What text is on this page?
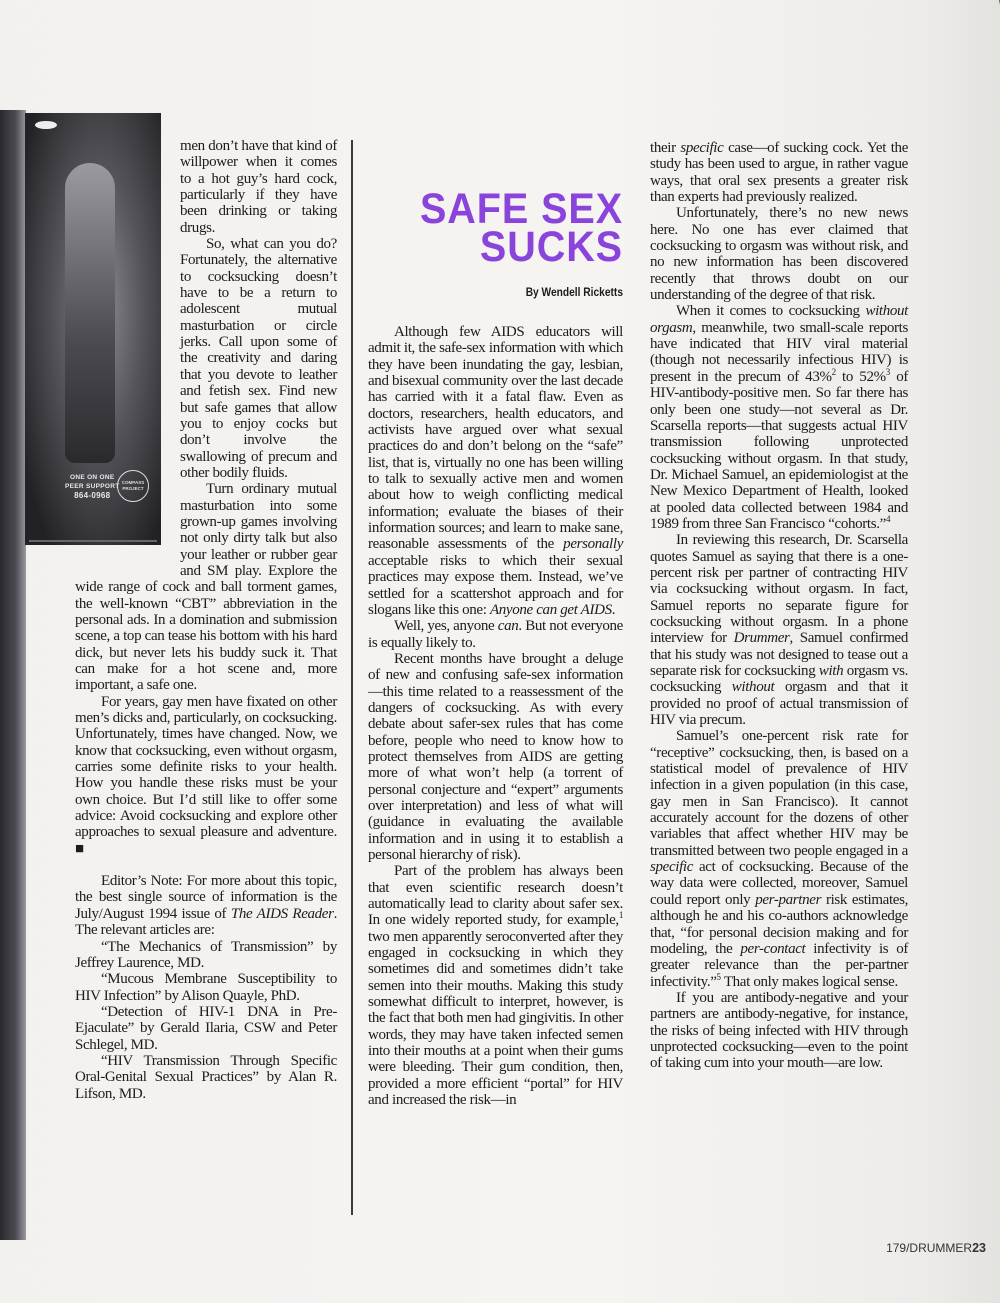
ONE ON ONE
PEER SUPPORT
864-0968
COMPASS PROJECT

men don’t have that kind of willpower when it comes to a hot guy’s hard cock, particularly if they have been drinking or taking drugs.

So, what can you do? Fortunately, the alternative to cocksucking doesn’t have to be a return to adolescent mutual masturbation or circle jerks. Call upon some of the creativity and daring that you devote to leather and fetish sex. Find new but safe games that allow you to enjoy cocks but don’t involve the swallowing of precum and other bodily fluids.

Turn ordinary mutual masturbation into some grown-up games involving not only dirty talk but also your leather or rubber gear and SM play. Explore the wide range of cock and ball torment games, the well-known “CBT” abbreviation in the personal ads. In a domination and submission scene, a top can tease his bottom with his hard dick, but never lets his buddy suck it. That can make for a hot scene and, more important, a safe one.

For years, gay men have fixated on other men’s dicks and, particularly, on cocksucking. Unfortunately, times have changed. Now, we know that cocksucking, even without orgasm, carries some definite risks to your health. How you handle these risks must be your own choice. But I’d still like to offer some advice: Avoid cocksucking and explore other approaches to sexual pleasure and adventure. ■

Editor’s Note: For more about this topic, the best single source of information is the July/August 1994 issue of The AIDS Reader. The relevant articles are:

“The Mechanics of Transmission” by Jeffrey Laurence, MD.

“Mucous Membrane Susceptibility to HIV Infection” by Alison Quayle, PhD.

“Detection of HIV-1 DNA in Pre-Ejaculate” by Gerald Ilaria, CSW and Peter Schlegel, MD.

“HIV Transmission Through Specific Oral-Genital Sexual Practices” by Alan R. Lifson, MD.

SAFE SEX
SUCKS
By Wendell Ricketts

Although few AIDS educators will admit it, the safe-sex information with which they have been inundating the gay, lesbian, and bisexual community over the last decade has carried with it a fatal flaw. Even as doctors, researchers, health educators, and activists have argued over what sexual practices do and don’t belong on the “safe” list, that is, virtually no one has been willing to talk to sexually active men and women about how to weigh conflicting medical information; evaluate the biases of their information sources; and learn to make sane, reasonable assessments of the personally acceptable risks to which their sexual practices may expose them. Instead, we’ve settled for a scattershot approach and for slogans like this one: Anyone can get AIDS.

Well, yes, anyone can. But not everyone is equally likely to.

Recent months have brought a deluge of new and confusing safe-sex information—this time related to a reassessment of the dangers of cocksucking. As with every debate about safer-sex rules that has come before, people who need to know how to protect themselves from AIDS are getting more of what won’t help (a torrent of personal conjecture and “expert” arguments over interpretation) and less of what will (guidance in evaluating the available information and in using it to establish a personal hierarchy of risk).

Part of the problem has always been that even scientific research doesn’t automatically lead to clarity about safer sex. In one widely reported study, for example,$^1$ two men apparently seroconverted after they engaged in cocksucking in which they sometimes did and sometimes didn’t take semen into their mouths. Making this study somewhat difficult to interpret, however, is the fact that both men had gingivitis. In other words, they may have taken infected semen into their mouths at a point when their gums were bleeding. Their gum condition, then, provided a more efficient “portal” for HIV and increased the risk—in

their specific case—of sucking cock. Yet the study has been used to argue, in rather vague ways, that oral sex presents a greater risk than experts had previously realized.

Unfortunately, there’s no new news here. No one has ever claimed that cocksucking to orgasm was without risk, and no new information has been discovered recently that throws doubt on our understanding of the degree of that risk.

When it comes to cocksucking without orgasm, meanwhile, two small-scale reports have indicated that HIV viral material (though not necessarily infectious HIV) is present in the precum of 43%$^2$ to 52%$^3$ of HIV-antibody-positive men. So far there has only been one study—not several as Dr. Scarsella reports—that suggests actual HIV transmission following unprotected cocksucking without orgasm. In that study, Dr. Michael Samuel, an epidemiologist at the New Mexico Department of Health, looked at pooled data collected between 1984 and 1989 from three San Francisco “cohorts.”$^4$

In reviewing this research, Dr. Scarsella quotes Samuel as saying that there is a one-percent risk per partner of contracting HIV via cocksucking without orgasm. In fact, Samuel reports no separate figure for cocksucking without orgasm. In a phone interview for Drummer, Samuel confirmed that his study was not designed to tease out a separate risk for cocksucking with orgasm vs. cocksucking without orgasm and that it provided no proof of actual transmission of HIV via precum.

Samuel’s one-percent risk rate for “receptive” cocksucking, then, is based on a statistical model of prevalence of HIV infection in a given population (in this case, gay men in San Francisco). It cannot accurately account for the dozens of other variables that affect whether HIV may be transmitted between two people engaged in a specific act of cocksucking. Because of the way data were collected, moreover, Samuel could report only per-partner risk estimates, although he and his co-authors acknowledge that, “for personal decision making and for modeling, the per-contact infectivity is of greater relevance than the per-partner infectivity.”$^5$ That only makes logical sense.

If you are antibody-negative and your partners are antibody-negative, for instance, the risks of being infected with HIV through unprotected cocksucking—even to the point of taking cum into your mouth—are low.

179/DRUMMER23
